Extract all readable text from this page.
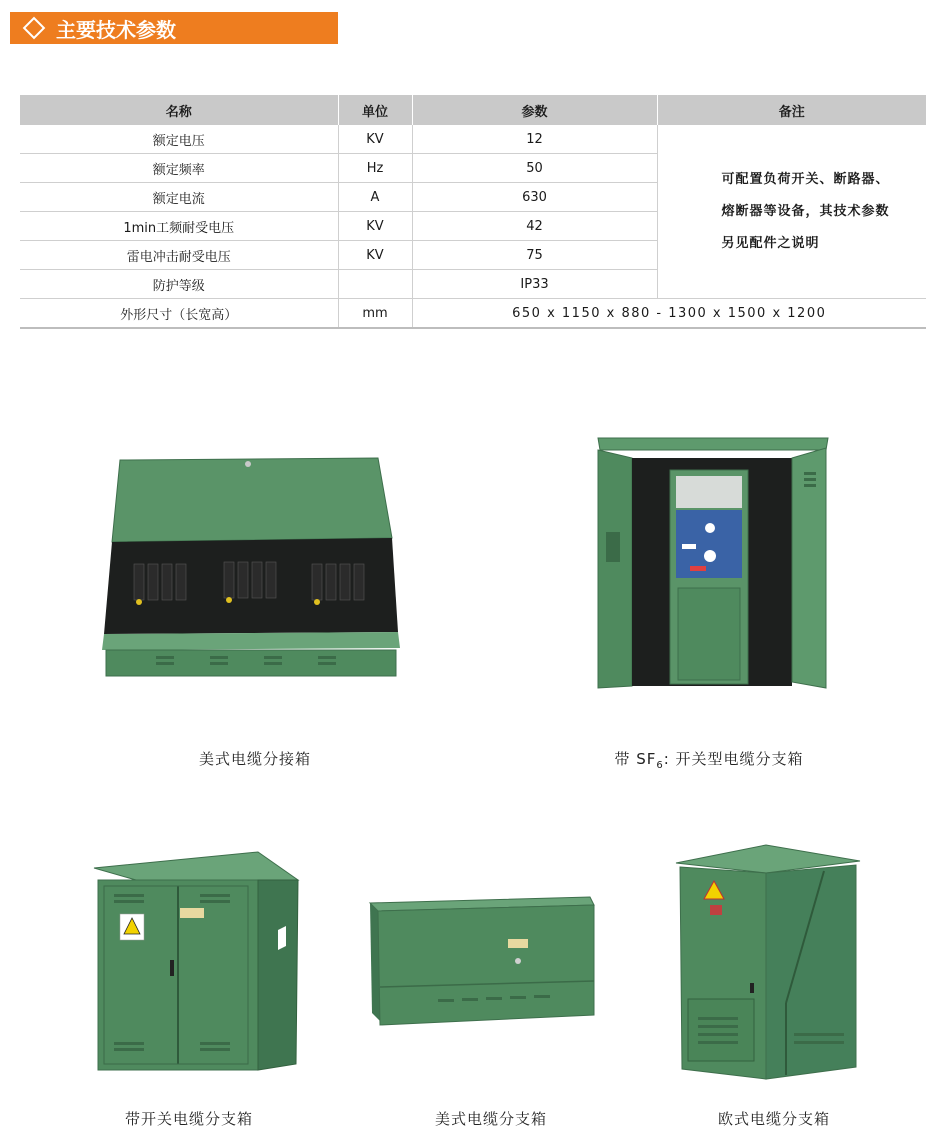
主要技术参数
名称	单位	参数	备注
额定电压	KV	12	可配置负荷开关、断路器、熔断器等设备，其技术参数另见配件之说明
额定频率	Hz	50	
额定电流	A	630	
1min工频耐受电压	KV	42	
雷电冲击耐受电压	KV	75	
防护等级		IP33	
外形尺寸（长宽高）	mm	650 x 1150 x 880 - 1300 x 1500 x 1200	
美式电缆分接箱	带 $SF_6$: 开关型电缆分支箱
带开关电缆分支箱	美式电缆分支箱	欧式电缆分支箱
